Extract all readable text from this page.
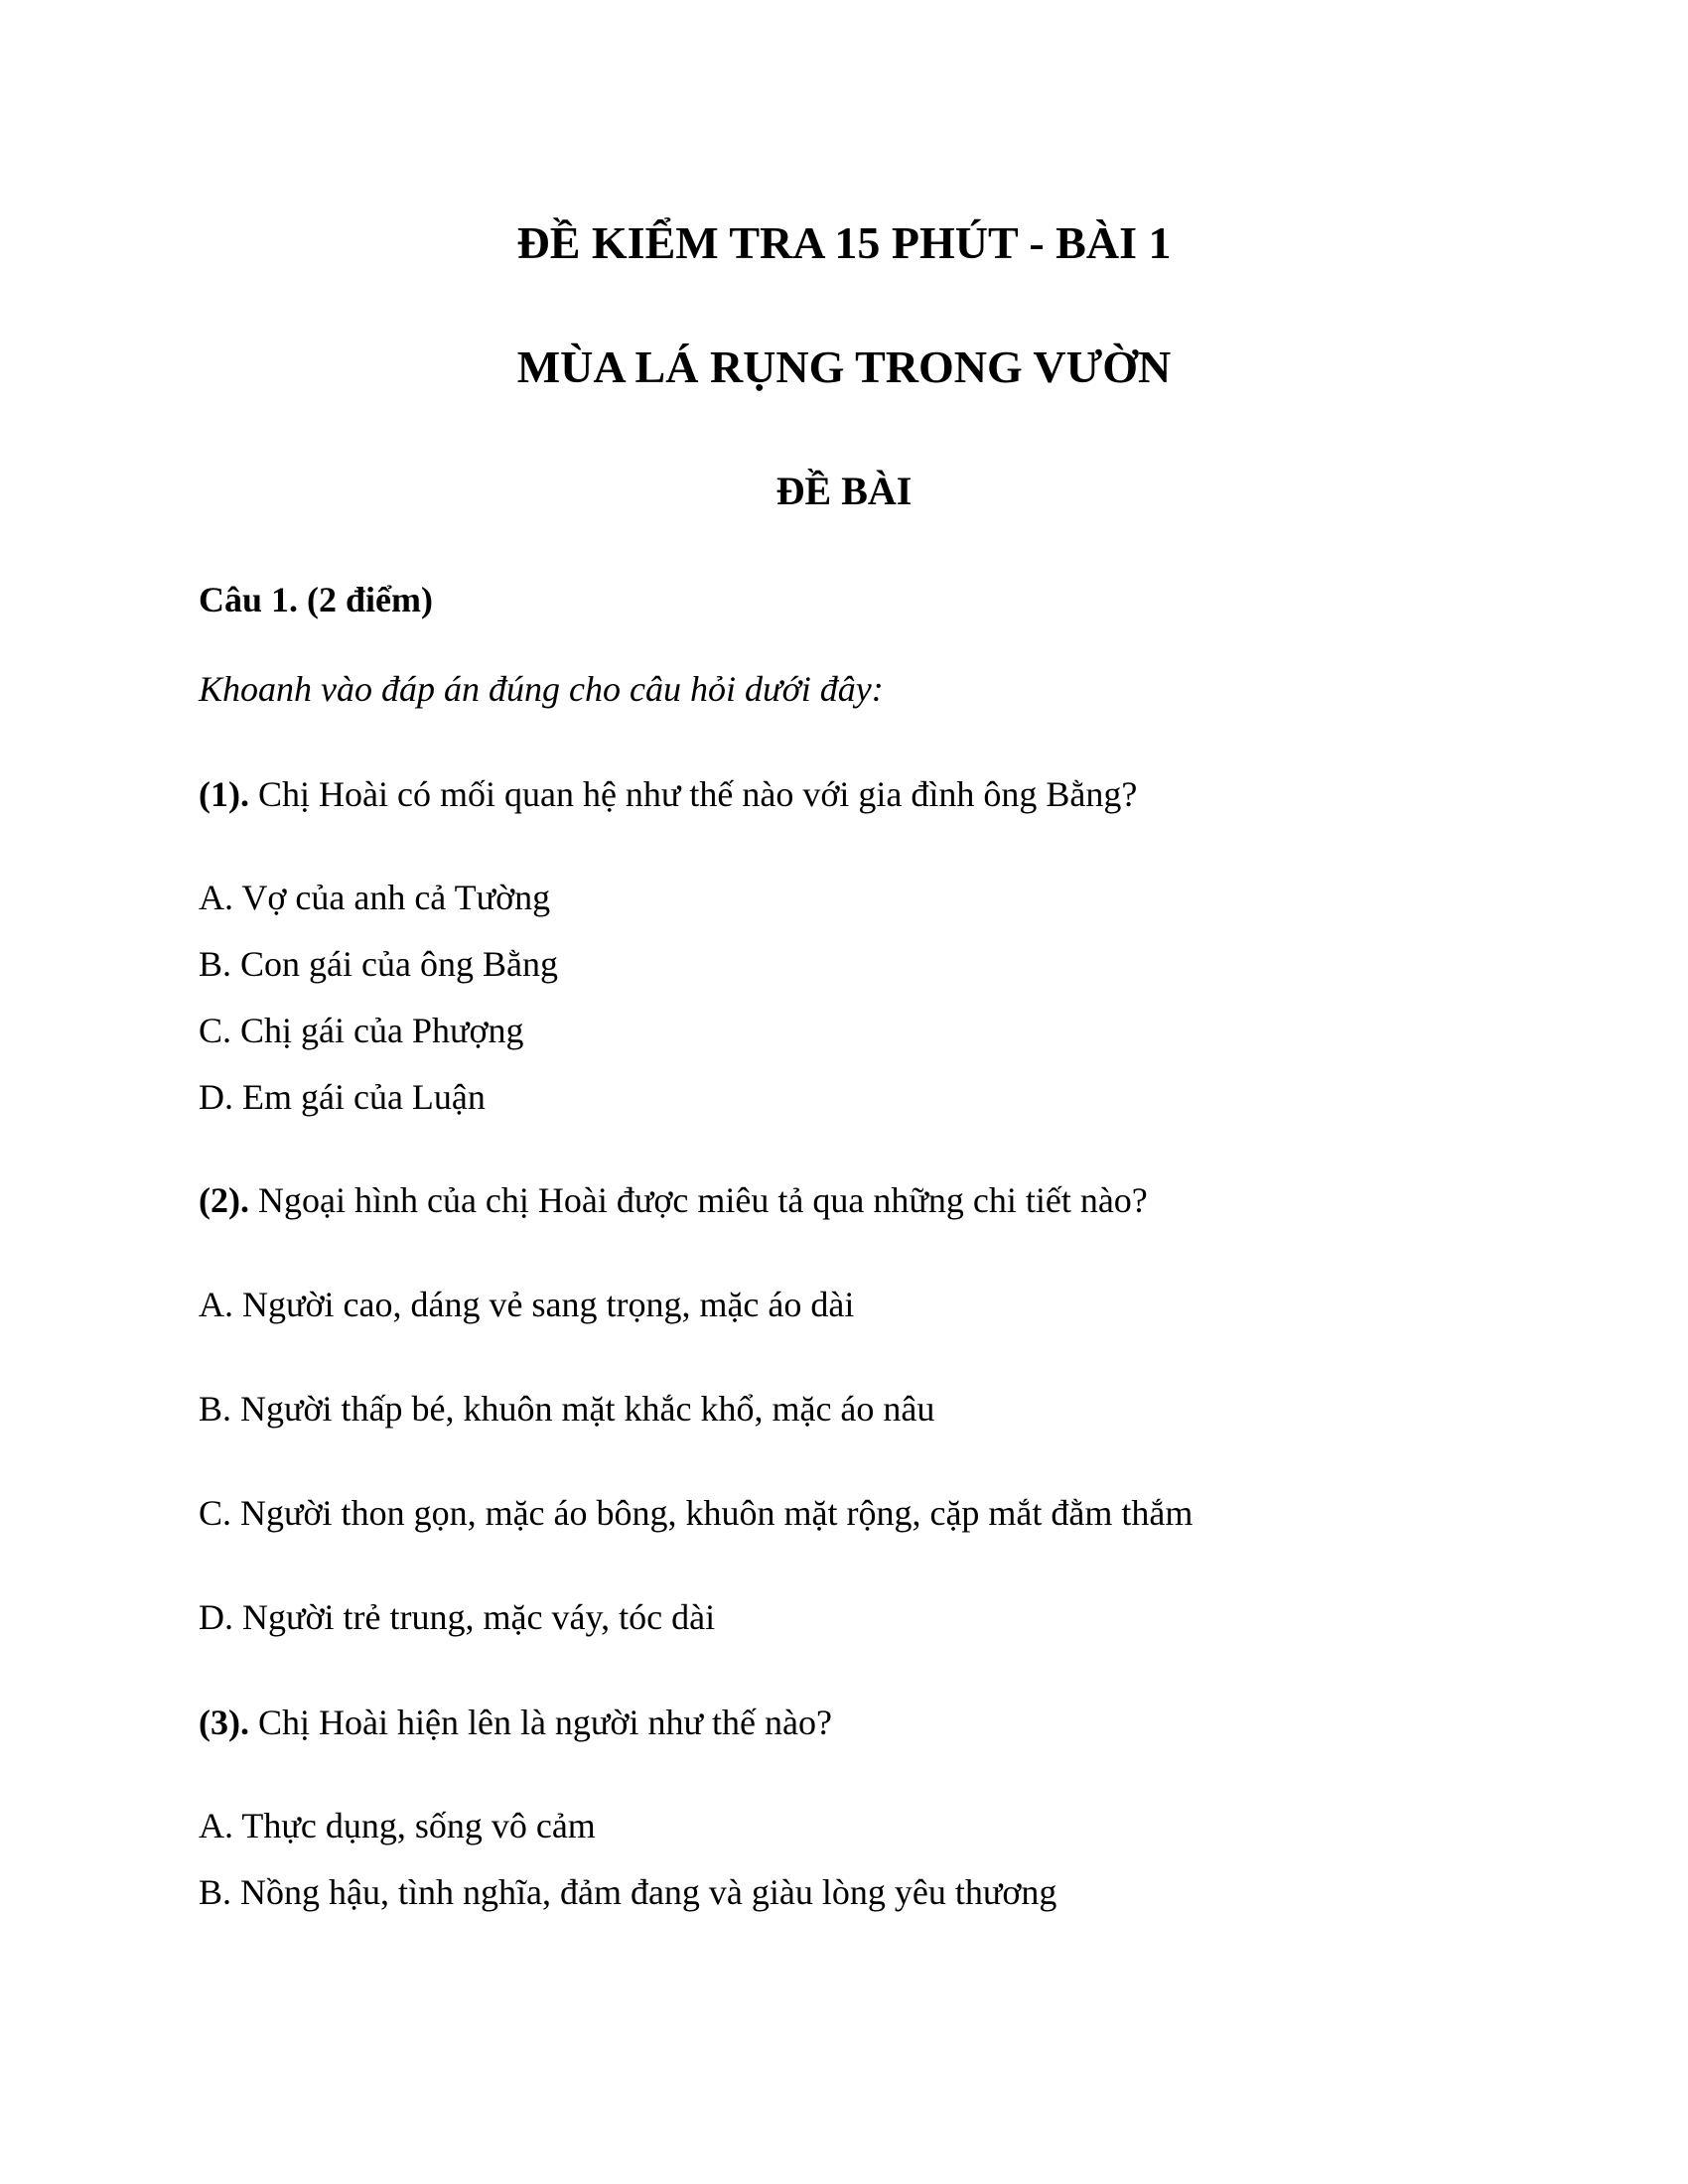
ĐỀ KIỂM TRA 15 PHÚT - BÀI 1
MÙA LÁ RỤNG TRONG VƯỜN
ĐỀ BÀI
Câu 1. (2 điểm)
Khoanh vào đáp án đúng cho câu hỏi dưới đây:
(1). Chị Hoài có mối quan hệ như thế nào với gia đình ông Bằng?
A. Vợ của anh cả Tường
B. Con gái của ông Bằng
C. Chị gái của Phượng
D. Em gái của Luận
(2). Ngoại hình của chị Hoài được miêu tả qua những chi tiết nào?
A. Người cao, dáng vẻ sang trọng, mặc áo dài
B. Người thấp bé, khuôn mặt khắc khổ, mặc áo nâu
C. Người thon gọn, mặc áo bông, khuôn mặt rộng, cặp mắt đằm thắm
D. Người trẻ trung, mặc váy, tóc dài
(3). Chị Hoài hiện lên là người như thế nào?
A. Thực dụng, sống vô cảm
B. Nồng hậu, tình nghĩa, đảm đang và giàu lòng yêu thương
